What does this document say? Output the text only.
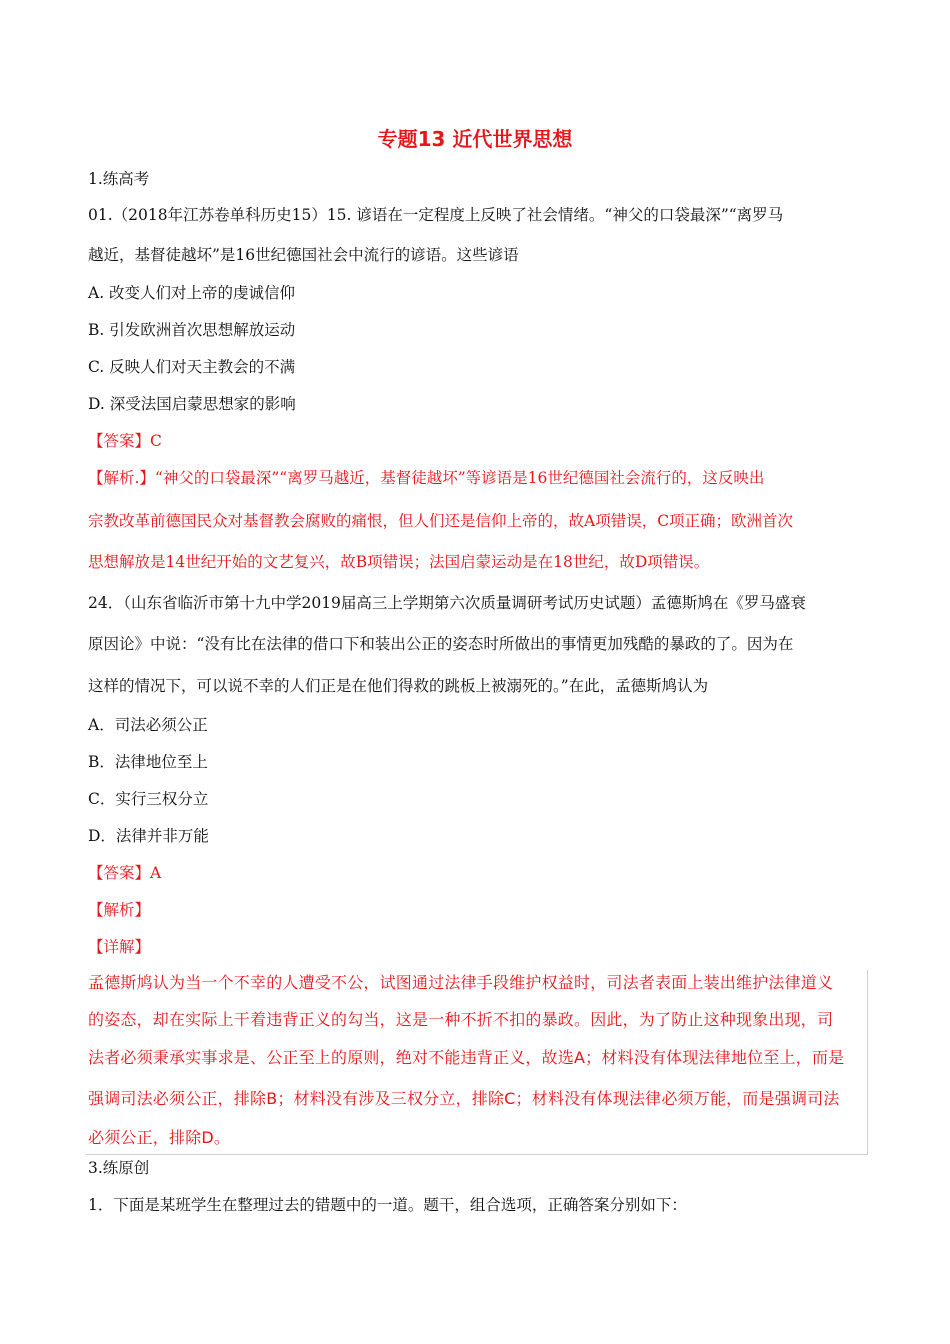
专题13 近代世界思想
1.练高考
01.（2018年江苏卷单科历史15）15. 谚语在一定程度上反映了社会情绪。“神父的口袋最深”“离罗马
越近，基督徒越坏”是16世纪德国社会中流行的谚语。这些谚语
A. 改变人们对上帝的虔诚信仰
B. 引发欧洲首次思想解放运动
C. 反映人们对天主教会的不满
D. 深受法国启蒙思想家的影响
【答案】C
【解析.】“神父的口袋最深”“离罗马越近，基督徒越坏”等谚语是16世纪德国社会流行的，这反映出
宗教改革前德国民众对基督教会腐败的痛恨，但人们还是信仰上帝的，故A项错误，C项正确；欧洲首次
思想解放是14世纪开始的文艺复兴，故B项错误；法国启蒙运动是在18世纪，故D项错误。
24．（山东省临沂市第十九中学2019届高三上学期第六次质量调研考试历史试题）孟德斯鸠在《罗马盛衰
原因论》中说：“没有比在法律的借口下和装出公正的姿态时所做出的事情更加残酷的暴政的了。因为在
这样的情况下，可以说不幸的人们正是在他们得救的跳板上被溺死的。”在此，孟德斯鸠认为
A．司法必须公正
B．法律地位至上
C．实行三权分立
D．法律并非万能
【答案】A
【解析】
【详解】
孟德斯鸠认为当一个不幸的人遭受不公，试图通过法律手段维护权益时，司法者表面上装出维护法律道义
的姿态，却在实际上干着违背正义的勾当，这是一种不折不扣的暴政。因此，为了防止这种现象出现，司
法者必须秉承实事求是、公正至上的原则，绝对不能违背正义，故选A；材料没有体现法律地位至上，而是
强调司法必须公正，排除B；材料没有涉及三权分立，排除C；材料没有体现法律必须万能，而是强调司法
必须公正，排除D。
3.练原创
1．下面是某班学生在整理过去的错题中的一道。题干，组合选项，正确答案分别如下：
